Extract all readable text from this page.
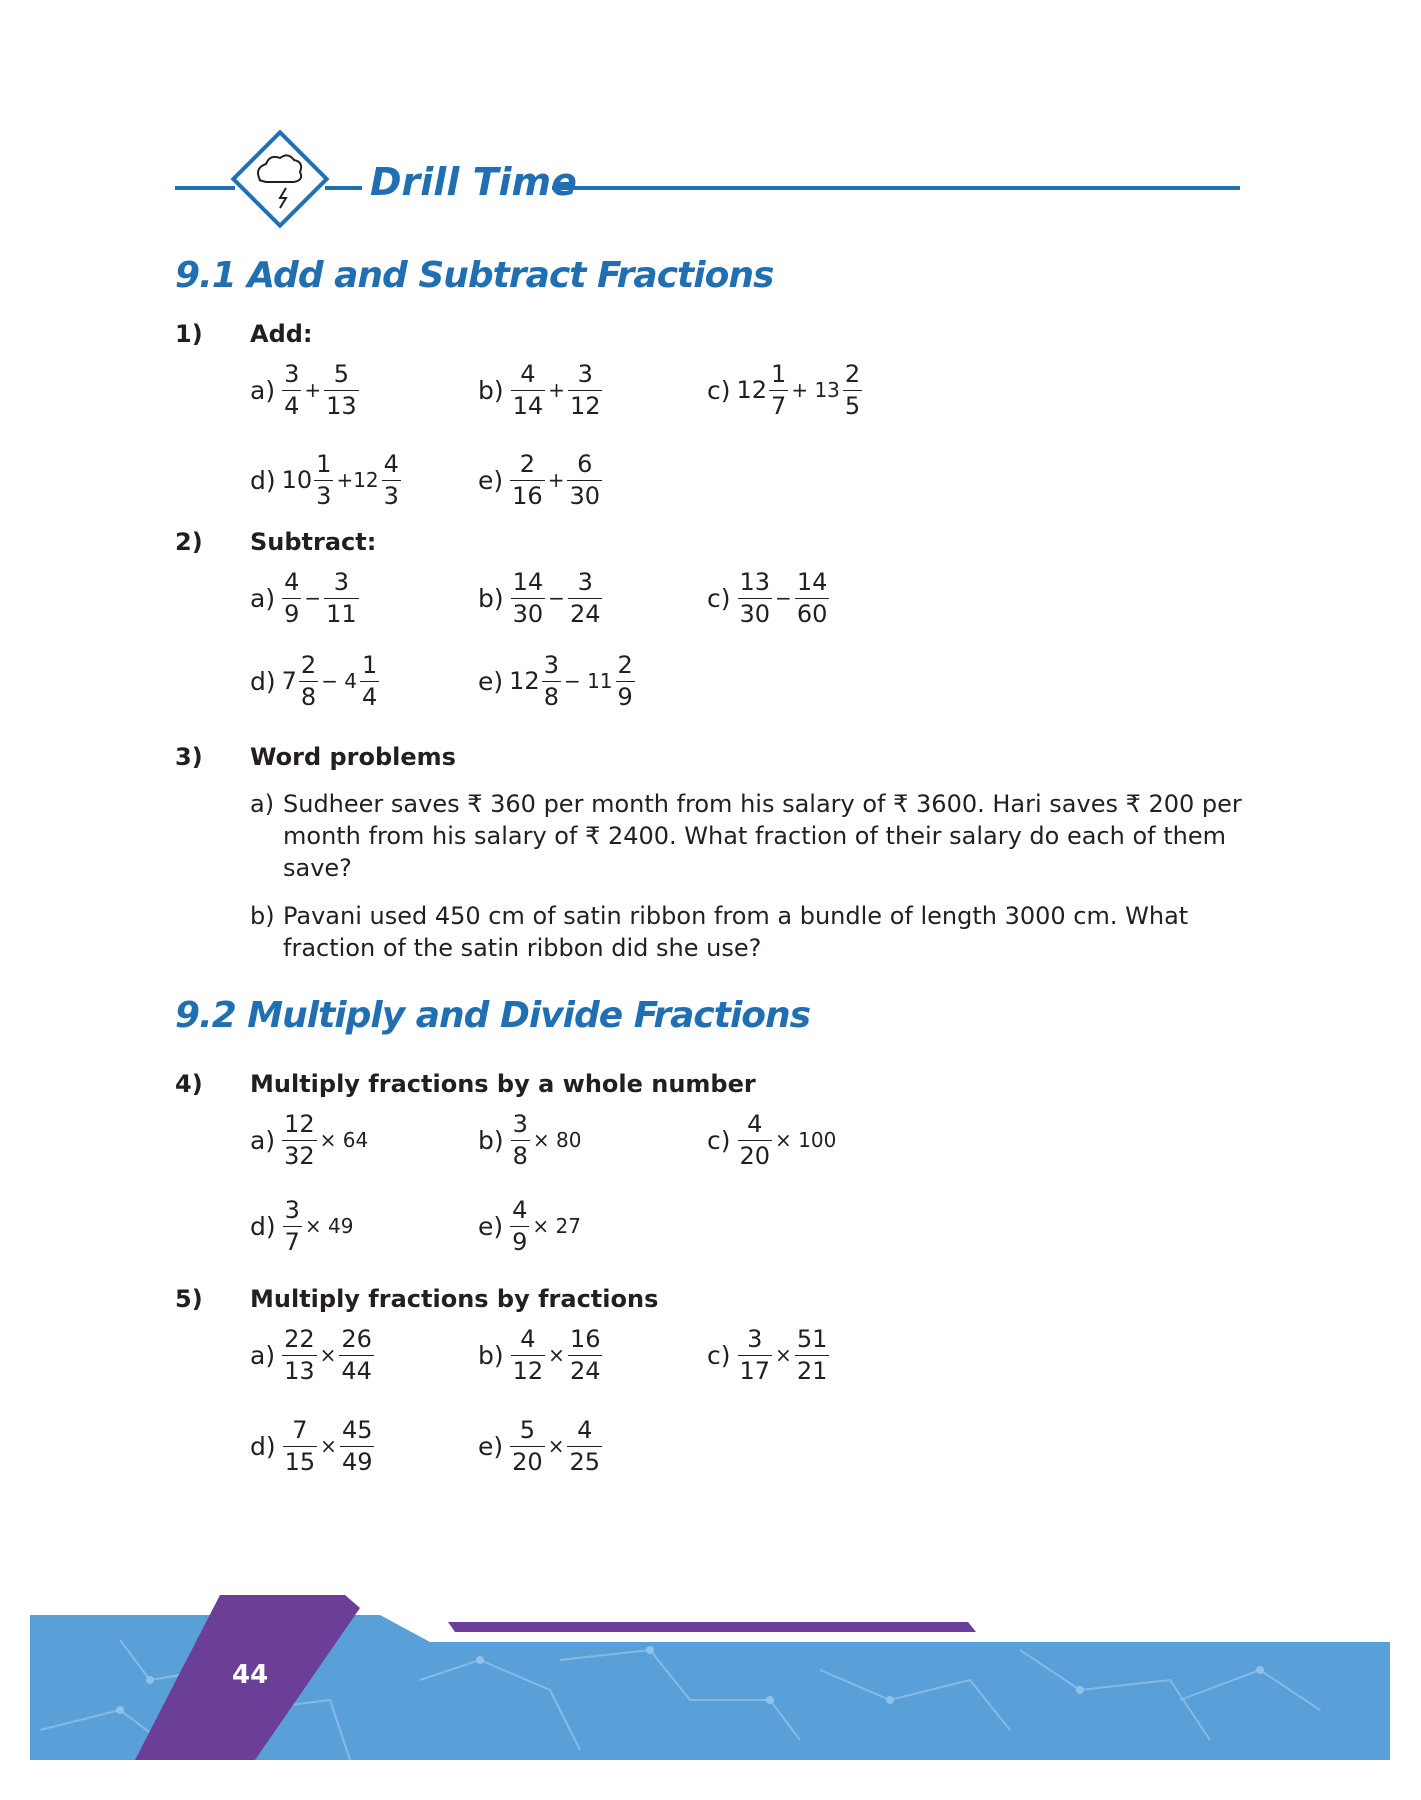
Drill Time
9.1 Add and Subtract Fractions
1) Add:
$a) \frac{3}{4} + \frac{5}{13}$	$b) \frac{4}{14} + \frac{3}{12}$	c) $12 \frac{1}{7} + 13 \frac{2}{5}$
d) $10 \frac{1}{3} +12 \frac{4}{3}$	$e) \frac{2}{16} + \frac{6}{30}$
2) Subtract:
$a) \frac{4}{9} - \frac{3}{11}$	$b) \frac{14}{30} - \frac{3}{24}$	$c) \frac{13}{30} - \frac{14}{60}$
d) $7 \frac{2}{8} - 4 \frac{1}{4}$	e) $12 \frac{3}{8} - 11 \frac{2}{9}$
3) Word problems
a) Sudheer saves ₹ 360 per month from his salary of ₹ 3600. Hari saves ₹ 200 per
month from his salary of ₹ 2400. What fraction of their salary do each of them
save?
b) Pavani used 450 cm of satin ribbon from a bundle of length 3000 cm. What
fraction of the satin ribbon did she use?
9.2 Multiply and Divide Fractions
4) Multiply fractions by a whole number
$a) \frac{12}{32} \times 64$	$b) \frac{3}{8} \times 80$	$c) \frac{4}{20} \times 100$
$d) \frac{3}{7} \times 49$	$e) \frac{4}{9} \times 27$
5) Multiply fractions by fractions
$a) \frac{22}{13} \times \frac{26}{44}$	$b) \frac{4}{12} \times \frac{16}{24}$	$c) \frac{3}{17} \times \frac{51}{21}$
$d) \frac{7}{15} \times \frac{45}{49}$	$e) \frac{5}{20} \times \frac{4}{25}$
44
